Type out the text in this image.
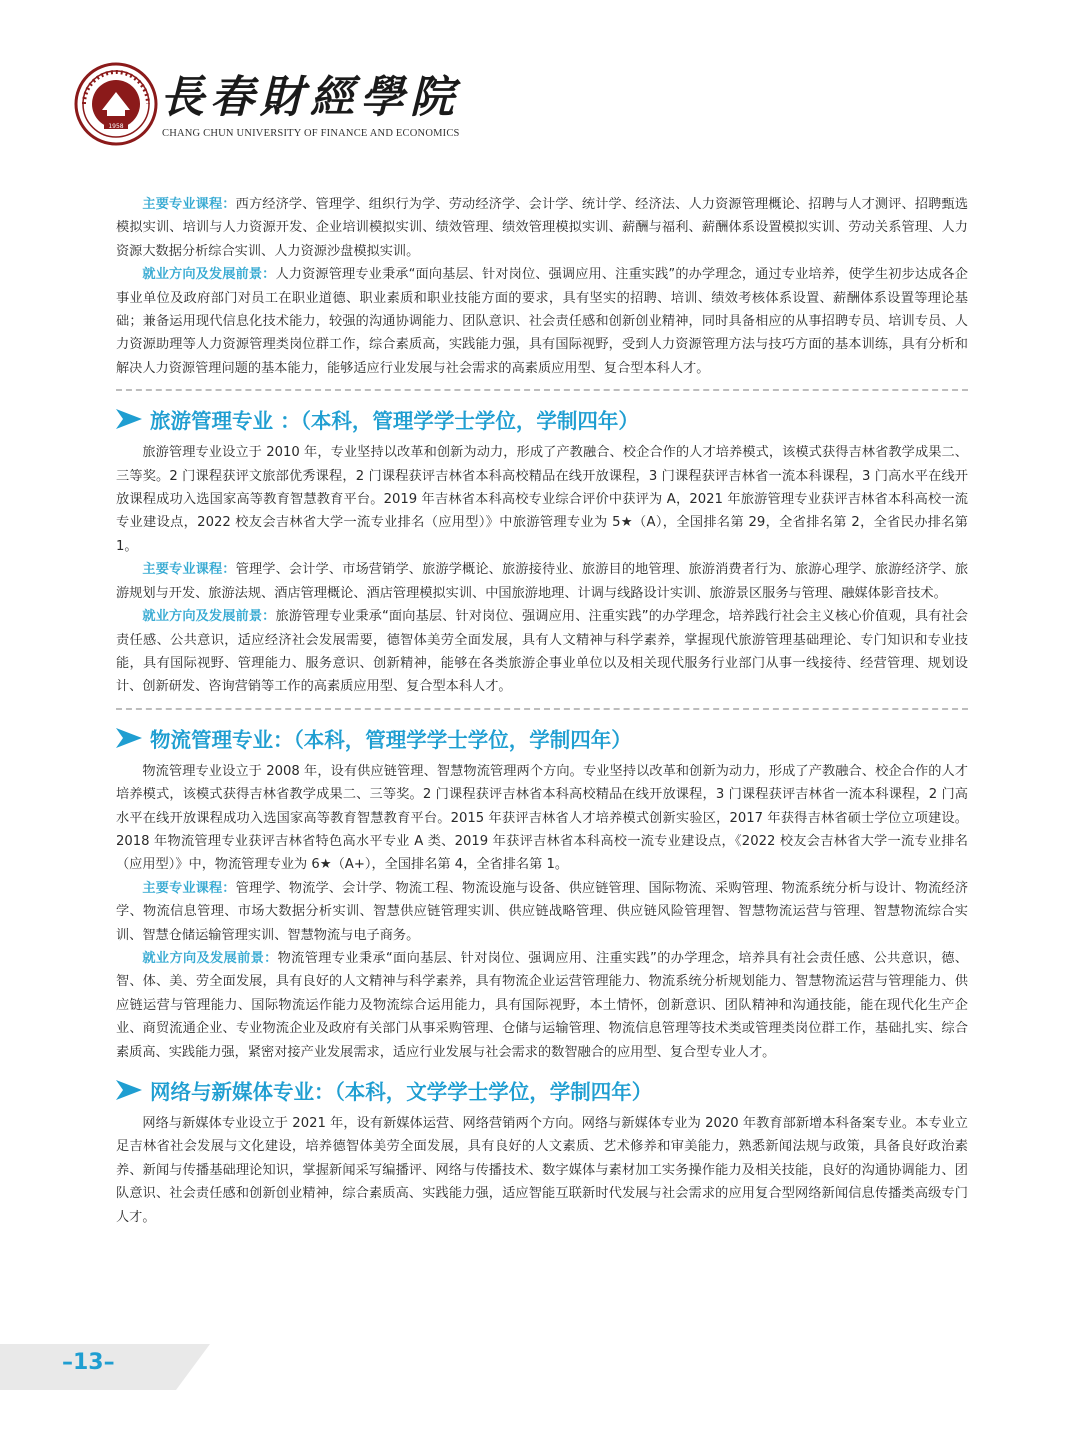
1958
長春財經學院
CHANG CHUN UNIVERSITY OF FINANCE AND ECONOMICS

主要专业课程：西方经济学、管理学、组织行为学、劳动经济学、会计学、统计学、经济法、人力资源管理概论、招聘与人才测评、招聘甄选模拟实训、培训与人力资源开发、企业培训模拟实训、绩效管理、绩效管理模拟实训、薪酬与福利、薪酬体系设置模拟实训、劳动关系管理、人力资源大数据分析综合实训、人力资源沙盘模拟实训。

就业方向及发展前景：人力资源管理专业秉承“面向基层、针对岗位、强调应用、注重实践”的办学理念，通过专业培养，使学生初步达成各企事业单位及政府部门对员工在职业道德、职业素质和职业技能方面的要求，具有坚实的招聘、培训、绩效考核体系设置、薪酬体系设置等理论基础；兼备运用现代信息化技术能力，较强的沟通协调能力、团队意识、社会责任感和创新创业精神，同时具备相应的从事招聘专员、培训专员、人力资源助理等人力资源管理类岗位群工作，综合素质高，实践能力强，具有国际视野，受到人力资源管理方法与技巧方面的基本训练，具有分析和解决人力资源管理问题的基本能力，能够适应行业发展与社会需求的高素质应用型、复合型本科人才。

旅游管理专业 ：（本科，管理学学士学位，学制四年）

旅游管理专业设立于 2010 年，专业坚持以改革和创新为动力，形成了产教融合、校企合作的人才培养模式，该模式获得吉林省教学成果二、三等奖。2 门课程获评文旅部优秀课程，2 门课程获评吉林省本科高校精品在线开放课程，3 门课程获评吉林省一流本科课程，3 门高水平在线开放课程成功入选国家高等教育智慧教育平台。2019 年吉林省本科高校专业综合评价中获评为 A，2021 年旅游管理专业获评吉林省本科高校一流专业建设点，2022 校友会吉林省大学一流专业排名（应用型）》中旅游管理专业为 5★（A），全国排名第 29，全省排名第 2，全省民办排名第 1。

主要专业课程：管理学、会计学、市场营销学、旅游学概论、旅游接待业、旅游目的地管理、旅游消费者行为、旅游心理学、旅游经济学、旅游规划与开发、旅游法规、酒店管理概论、酒店管理模拟实训、中国旅游地理、计调与线路设计实训、旅游景区服务与管理、融媒体影音技术。

就业方向及发展前景：旅游管理专业秉承“面向基层、针对岗位、强调应用、注重实践”的办学理念，培养践行社会主义核心价值观，具有社会责任感、公共意识，适应经济社会发展需要，德智体美劳全面发展，具有人文精神与科学素养，掌握现代旅游管理基础理论、专门知识和专业技能，具有国际视野、管理能力、服务意识、创新精神，能够在各类旅游企事业单位以及相关现代服务行业部门从事一线接待、经营管理、规划设计、创新研发、咨询营销等工作的高素质应用型、复合型本科人才。

物流管理专业：（本科，管理学学士学位，学制四年）

物流管理专业设立于 2008 年，设有供应链管理、智慧物流管理两个方向。专业坚持以改革和创新为动力，形成了产教融合、校企合作的人才培养模式，该模式获得吉林省教学成果二、三等奖。2 门课程获评吉林省本科高校精品在线开放课程，3 门课程获评吉林省一流本科课程，2 门高水平在线开放课程成功入选国家高等教育智慧教育平台。2015 年获评吉林省人才培养模式创新实验区，2017 年获得吉林省硕士学位立项建设。2018 年物流管理专业获评吉林省特色高水平专业 A 类、2019 年获评吉林省本科高校一流专业建设点，《2022 校友会吉林省大学一流专业排名（应用型）》中，物流管理专业为 6★（A+），全国排名第 4，全省排名第 1。

主要专业课程：管理学、物流学、会计学、物流工程、物流设施与设备、供应链管理、国际物流、采购管理、物流系统分析与设计、物流经济学、物流信息管理、市场大数据分析实训、智慧供应链管理实训、供应链战略管理、供应链风险管理智、智慧物流运营与管理、智慧物流综合实训、智慧仓储运输管理实训、智慧物流与电子商务。

就业方向及发展前景：物流管理专业秉承“面向基层、针对岗位、强调应用、注重实践”的办学理念，培养具有社会责任感、公共意识，德、智、体、美、劳全面发展，具有良好的人文精神与科学素养，具有物流企业运营管理能力、物流系统分析规划能力、智慧物流运营与管理能力、供应链运营与管理能力、国际物流运作能力及物流综合运用能力，具有国际视野，本土情怀，创新意识、团队精神和沟通技能，能在现代化生产企业、商贸流通企业、专业物流企业及政府有关部门从事采购管理、仓储与运输管理、物流信息管理等技术类或管理类岗位群工作，基础扎实、综合素质高、实践能力强，紧密对接产业发展需求，适应行业发展与社会需求的数智融合的应用型、复合型专业人才。

网络与新媒体专业：（本科，文学学士学位，学制四年）

网络与新媒体专业设立于 2021 年，设有新媒体运营、网络营销两个方向。网络与新媒体专业为 2020 年教育部新增本科备案专业。本专业立足吉林省社会发展与文化建设，培养德智体美劳全面发展，具有良好的人文素质、艺术修养和审美能力，熟悉新闻法规与政策，具备良好政治素养、新闻与传播基础理论知识，掌握新闻采写编播评、网络与传播技术、数字媒体与素材加工实务操作能力及相关技能，良好的沟通协调能力、团队意识、社会责任感和创新创业精神，综合素质高、实践能力强，适应智能互联新时代发展与社会需求的应用复合型网络新闻信息传播类高级专门人才。

–13–
